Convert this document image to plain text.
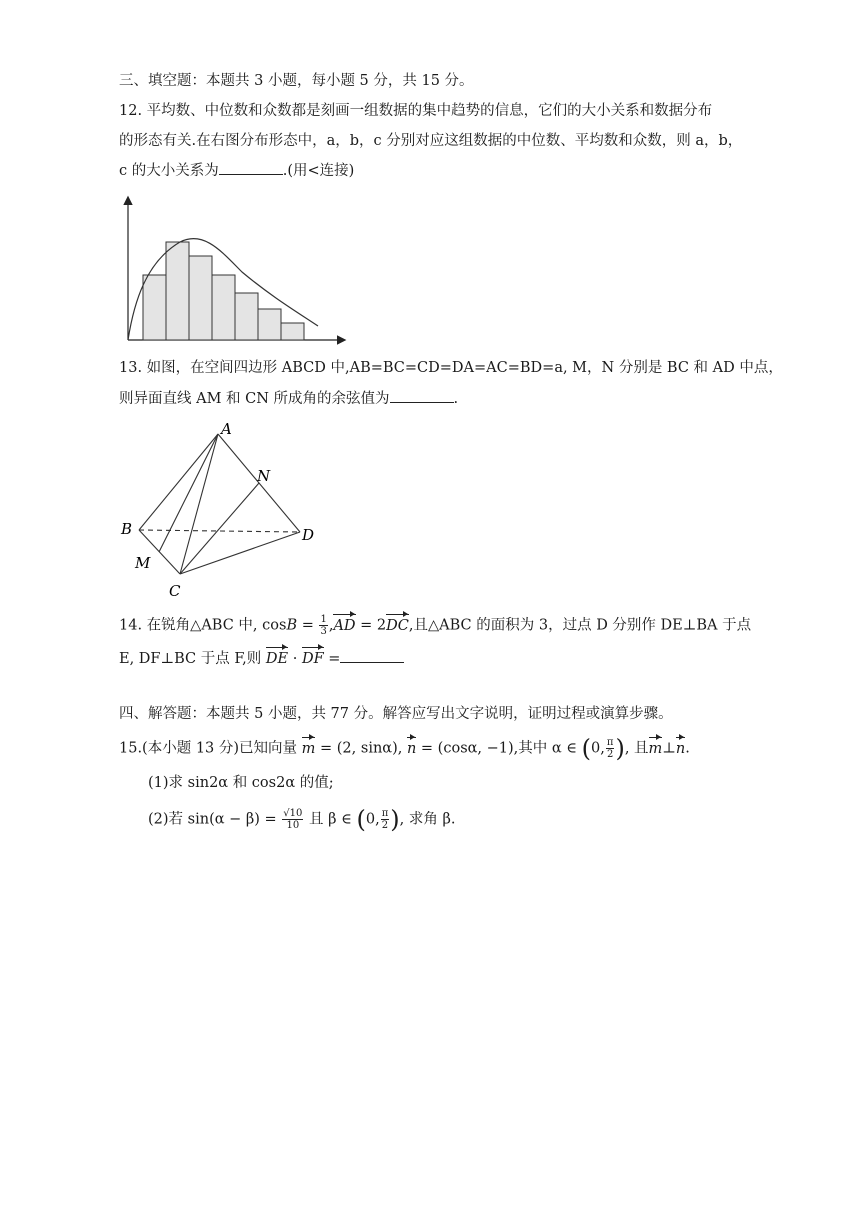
三、填空题：本题共 3 小题，每小题 5 分，共 15 分。
12. 平均数、中位数和众数都是刻画一组数据的集中趋势的信息，它们的大小关系和数据分布
的形态有关.在右图分布形态中，a，b，c 分别对应这组数据的中位数、平均数和众数，则 a，b，
c 的大小关系为	.(用<连接)
13. 如图，在空间四边形 ABCD 中,AB=BC=CD=DA=AC=BD=a, M，N 分别是 BC 和 AD 中点，
则异面直线 AM 和 CN 所成角的余弦值为	.
A
B
C
D
M
N
14. 在锐角△ABC 中, $\cos B = \frac{1}{3} ,AD = 2DC$,且△ABC 的面积为 3，过点 D 分别作 DE⊥BA 于点
E, DF⊥BC 于点 F,则 DE · DF =
四、解答题：本题共 5 小题，共 77 分。解答应写出文字说明，证明过程或演算步骤。
15.(本小题 13 分)已知向量 m = (2, sinα), n = (cosα, −1),其中 α ∈ (0, $\frac{\pi}{2}$ ), 且m⊥n.
(1)求 sin2α 和 cos2α 的值;
(2)若 $\sin(\alpha - \beta) = \frac{√10}{10}$ 且 β ∈ (0, $\frac{\pi}{2}$ ), 求角 β.
